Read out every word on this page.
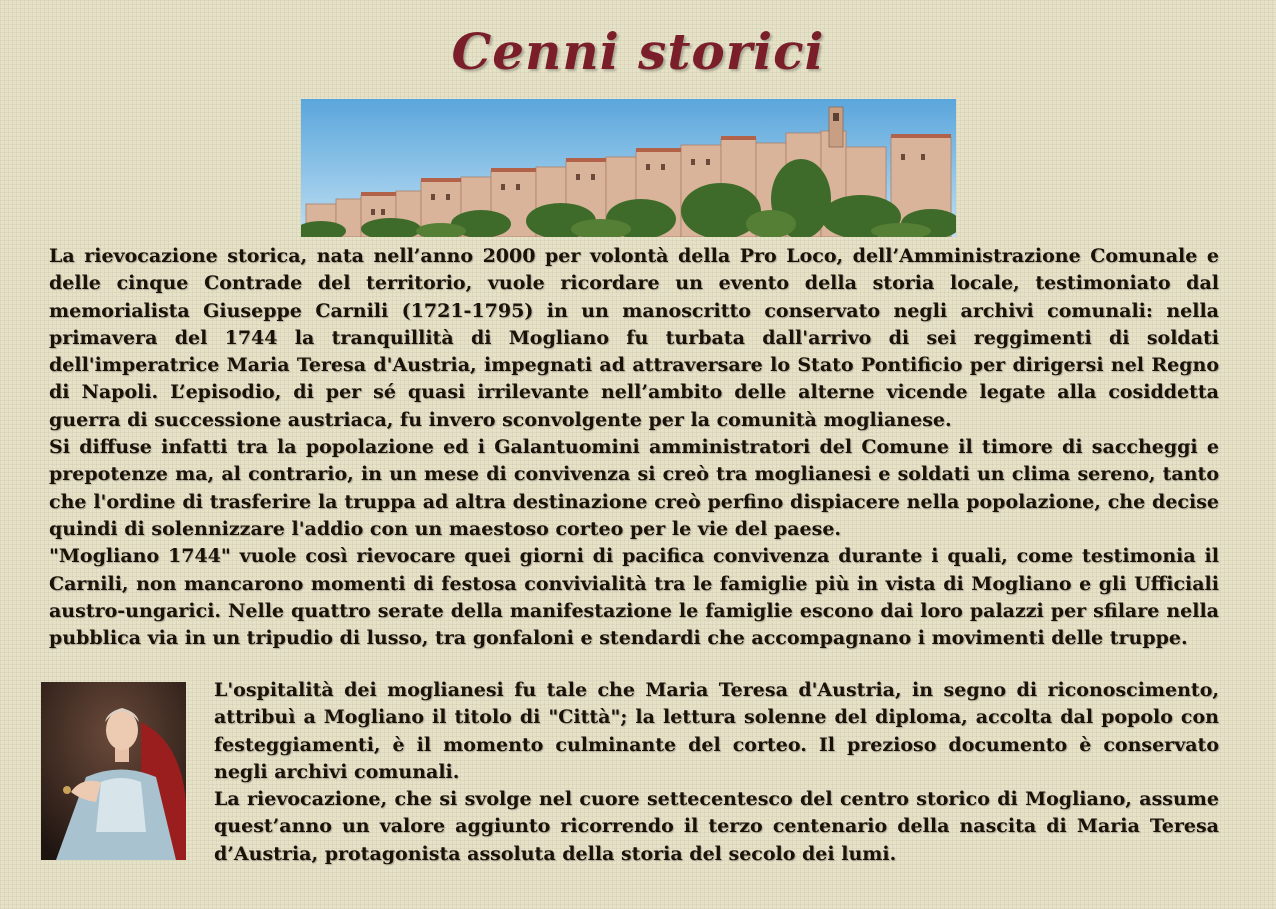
Cenni storici

La rievocazione storica, nata nell’anno 2000 per volontà della Pro Loco, dell’Amministrazione Comunale e delle cinque Contrade del territorio, vuole ricordare un evento della storia locale, testimoniato dal memorialista Giuseppe Carnili (1721-1795) in un manoscritto conservato negli archivi comunali: nella primavera del 1744 la tranquillità di Mogliano fu turbata dall'arrivo di sei reggimenti di soldati dell'imperatrice Maria Teresa d'Austria, impegnati ad attraversare lo Stato Pontificio per dirigersi nel Regno di Napoli. L’episodio, di per sé quasi irrilevante nell’ambito delle alterne vicende legate alla cosiddetta guerra di successione austriaca, fu invero sconvolgente per la comunità moglianese.
Si diffuse infatti tra la popolazione ed i Galantuomini amministratori del Comune il timore di saccheggi e prepotenze ma, al contrario, in un mese di convivenza si creò tra moglianesi e soldati un clima sereno, tanto che l'ordine di trasferire la truppa ad altra destinazione creò perfino dispiacere nella popolazione, che decise quindi di solennizzare l'addio con un maestoso corteo per le vie del paese.
"Mogliano 1744" vuole così rievocare quei giorni di pacifica convivenza durante i quali, come testimonia il Carnili, non mancarono momenti di festosa convivialità tra le famiglie più in vista di Mogliano e gli Ufficiali austro-ungarici. Nelle quattro serate della manifestazione le famiglie escono dai loro palazzi per sfilare nella pubblica via in un tripudio di lusso, tra gonfaloni e stendardi che accompagnano i movimenti delle truppe.

L'ospitalità dei moglianesi fu tale che Maria Teresa d'Austria, in segno di riconoscimento, attribuì a Mogliano il titolo di "Città"; la lettura solenne del diploma, accolta dal popolo con festeggiamenti, è il momento culminante del corteo. Il prezioso documento è conservato negli archivi comunali.

La rievocazione, che si svolge nel cuore settecentesco del centro storico di Mogliano, assume quest’anno un valore aggiunto ricorrendo il terzo centenario della nascita di Maria Teresa d’Austria, protagonista assoluta della storia del secolo dei lumi.
